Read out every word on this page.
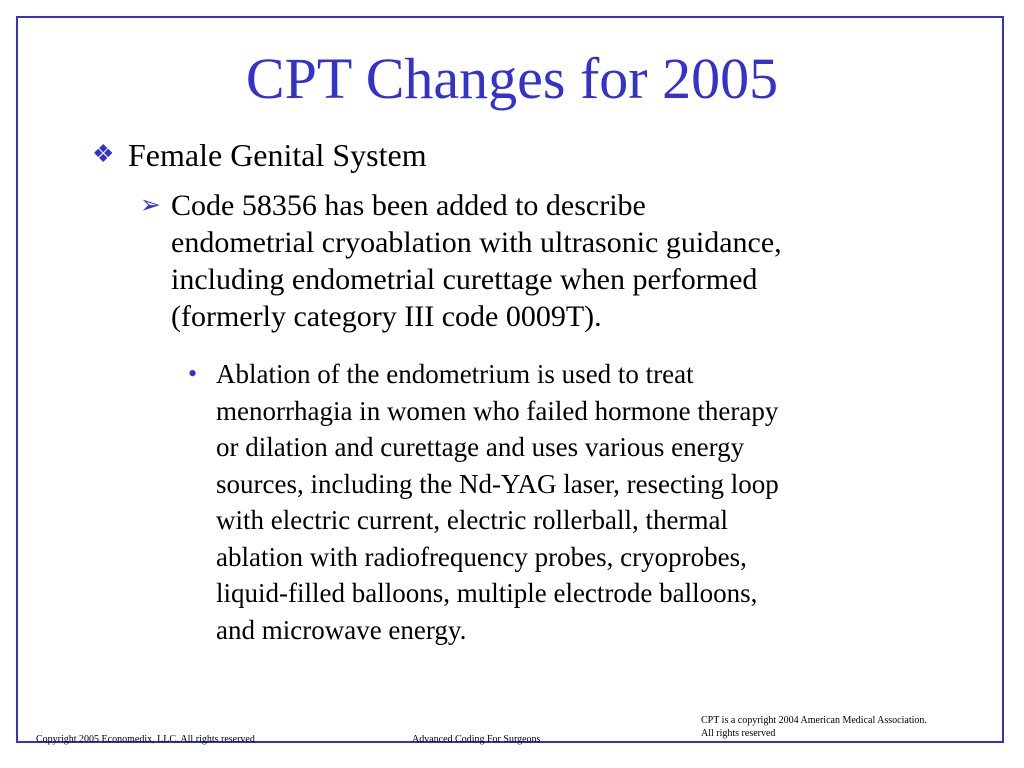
CPT Changes for 2005
❖ Female Genital System
➢ Code 58356 has been added to describe
endometrial cryoablation with ultrasonic guidance,
including endometrial curettage when performed
(formerly category III code 0009T).
• Ablation of the endometrium is used to treat
menorrhagia in women who failed hormone therapy
or dilation and curettage and uses various energy
sources, including the Nd-YAG laser, resecting loop
with electric current, electric rollerball, thermal
ablation with radiofrequency probes, cryoprobes,
liquid-filled balloons, multiple electrode balloons,
and microwave energy.
Copyright 2005 Economedix, LLC. All rights reserved	Advanced Coding For Surgeons
CPT is a copyright 2004 American Medical Association.
All rights reserved
